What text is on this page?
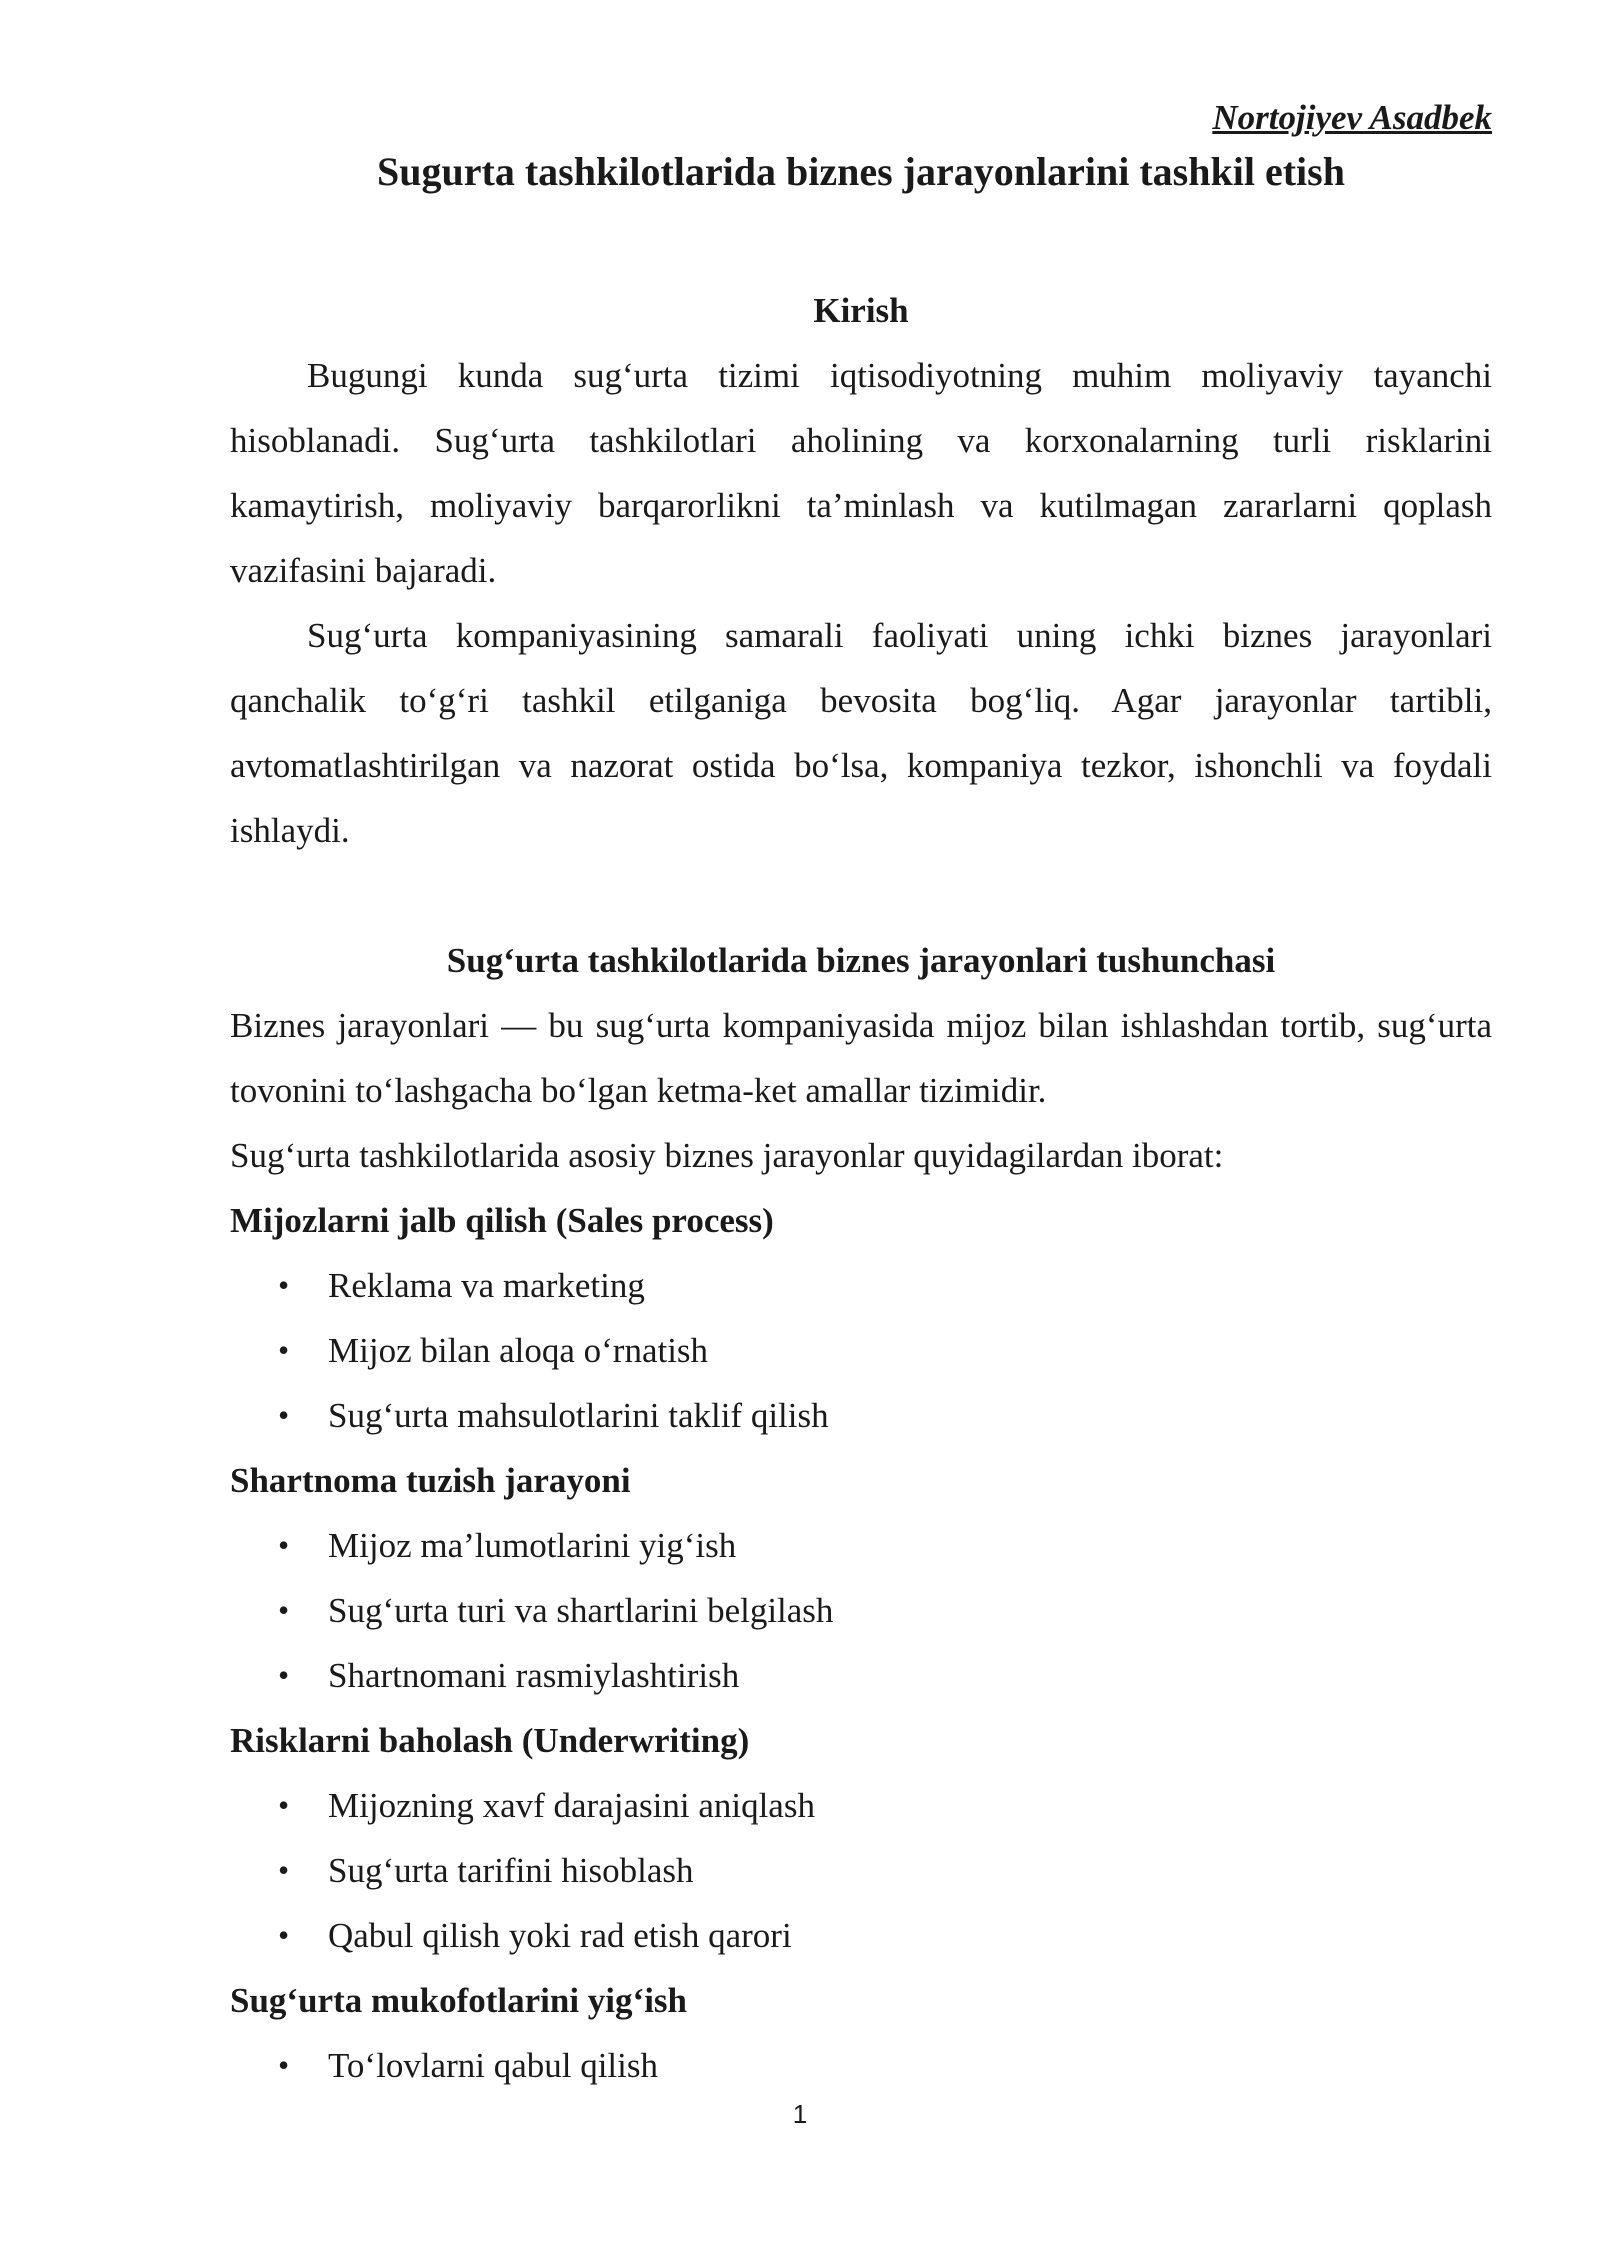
Nortojiyev Asadbek

Sugurta tashkilotlarida biznes jarayonlarini tashkil etish
Kirish

Bugungi kunda sug‘urta tizimi iqtisodiyotning muhim moliyaviy tayanchi hisoblanadi. Sug‘urta tashkilotlari aholining va korxonalarning turli risklarini kamaytirish, moliyaviy barqarorlikni ta’minlash va kutilmagan zararlarni qoplash vazifasini bajaradi.

Sug‘urta kompaniyasining samarali faoliyati uning ichki biznes jarayonlari qanchalik to‘g‘ri tashkil etilganiga bevosita bog‘liq. Agar jarayonlar tartibli, avtomatlashtirilgan va nazorat ostida bo‘lsa, kompaniya tezkor, ishonchli va foydali ishlaydi.

Sug‘urta tashkilotlarida biznes jarayonlari tushunchasi

Biznes jarayonlari — bu sug‘urta kompaniyasida mijoz bilan ishlashdan tortib, sug‘urta tovonini to‘lashgacha bo‘lgan ketma-ket amallar tizimidir.

Sug‘urta tashkilotlarida asosiy biznes jarayonlar quyidagilardan iborat:

Mijozlarni jalb qilish (Sales process)

• Reklama va marketing
• Mijoz bilan aloqa o‘rnatish
• Sug‘urta mahsulotlarini taklif qilish

Shartnoma tuzish jarayoni

• Mijoz ma’lumotlarini yig‘ish
• Sug‘urta turi va shartlarini belgilash
• Shartnomani rasmiylashtirish

Risklarni baholash (Underwriting)

• Mijozning xavf darajasini aniqlash
• Sug‘urta tarifini hisoblash
• Qabul qilish yoki rad etish qarori

Sug‘urta mukofotlarini yig‘ish

• To‘lovlarni qabul qilish

1
